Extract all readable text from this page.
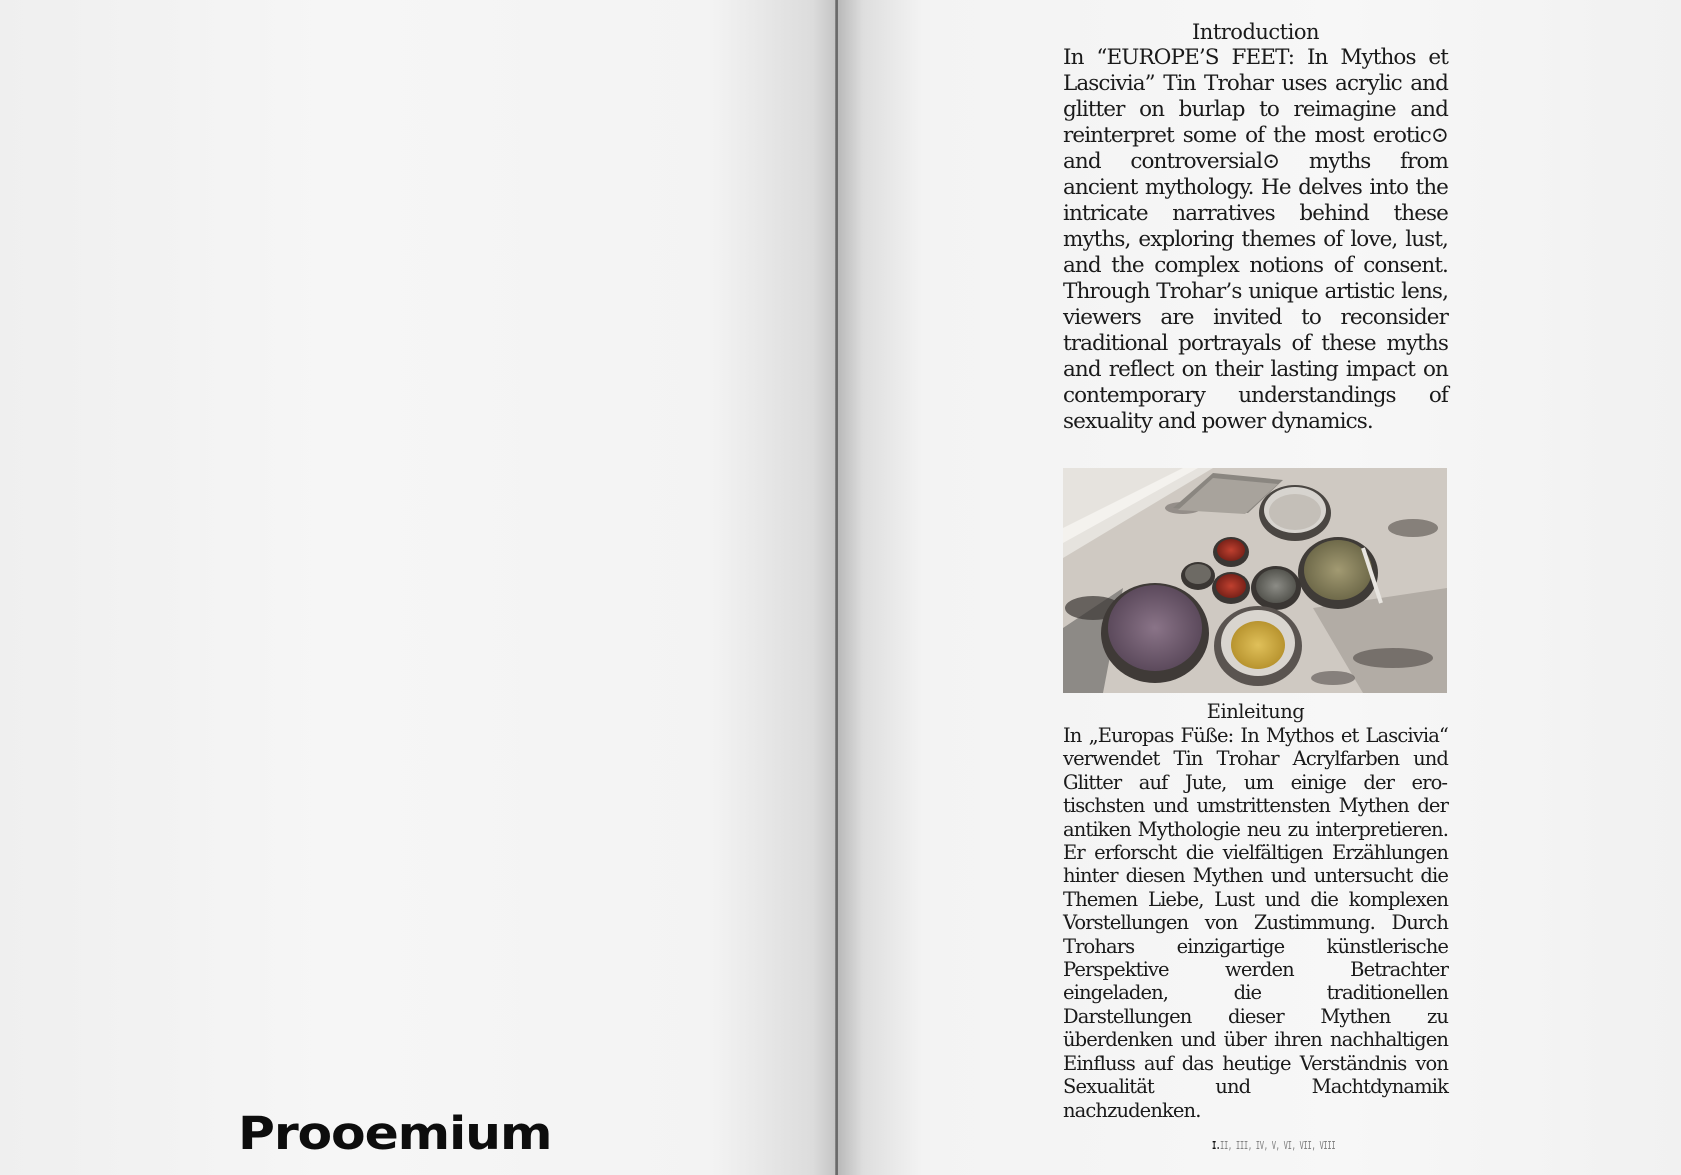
Prooemium
Introduction

In “EUROPE’S FEET: In Mythos et Lascivia” Tin Trohar uses acrylic and glitter on burlap to reimagine and reinterpret some of the most erotic⊙ and controversial⊙ myths from ancient mythology. He delves into the intricate narratives behind these myths, exploring themes of love, lust, and the complex notions of consent. Through Trohar’s unique artistic lens, viewers are invited to reconsider traditional portrayals of these myths and reflect on their lasting impact on contemporary understandings of sexuality and power dynamics.

Einleitung

In „Europas Füße: In Mythos et Lascivia“ verwendet Tin Trohar Acrylfarben und Glitter auf Jute, um einige der erotischsten und umstrittensten Mythen der antiken Mythologie neu zu interpretieren. Er erforscht die vielfältigen Erzählungen hinter diesen Mythen und untersucht die Themen Liebe, Lust und die komplexen Vorstellungen von Zustimmung. Durch Trohars einzigartige künstlerische Perspektive werden Betrachter eingeladen, die traditionellen Darstellungen dieser Mythen zu überdenken und über ihren nachhaltigen Einfluss auf das heutige Verständnis von Sexualität und Machtdynamik nachzudenken.

I.II, III, IV, V, VI, VII, VIII
